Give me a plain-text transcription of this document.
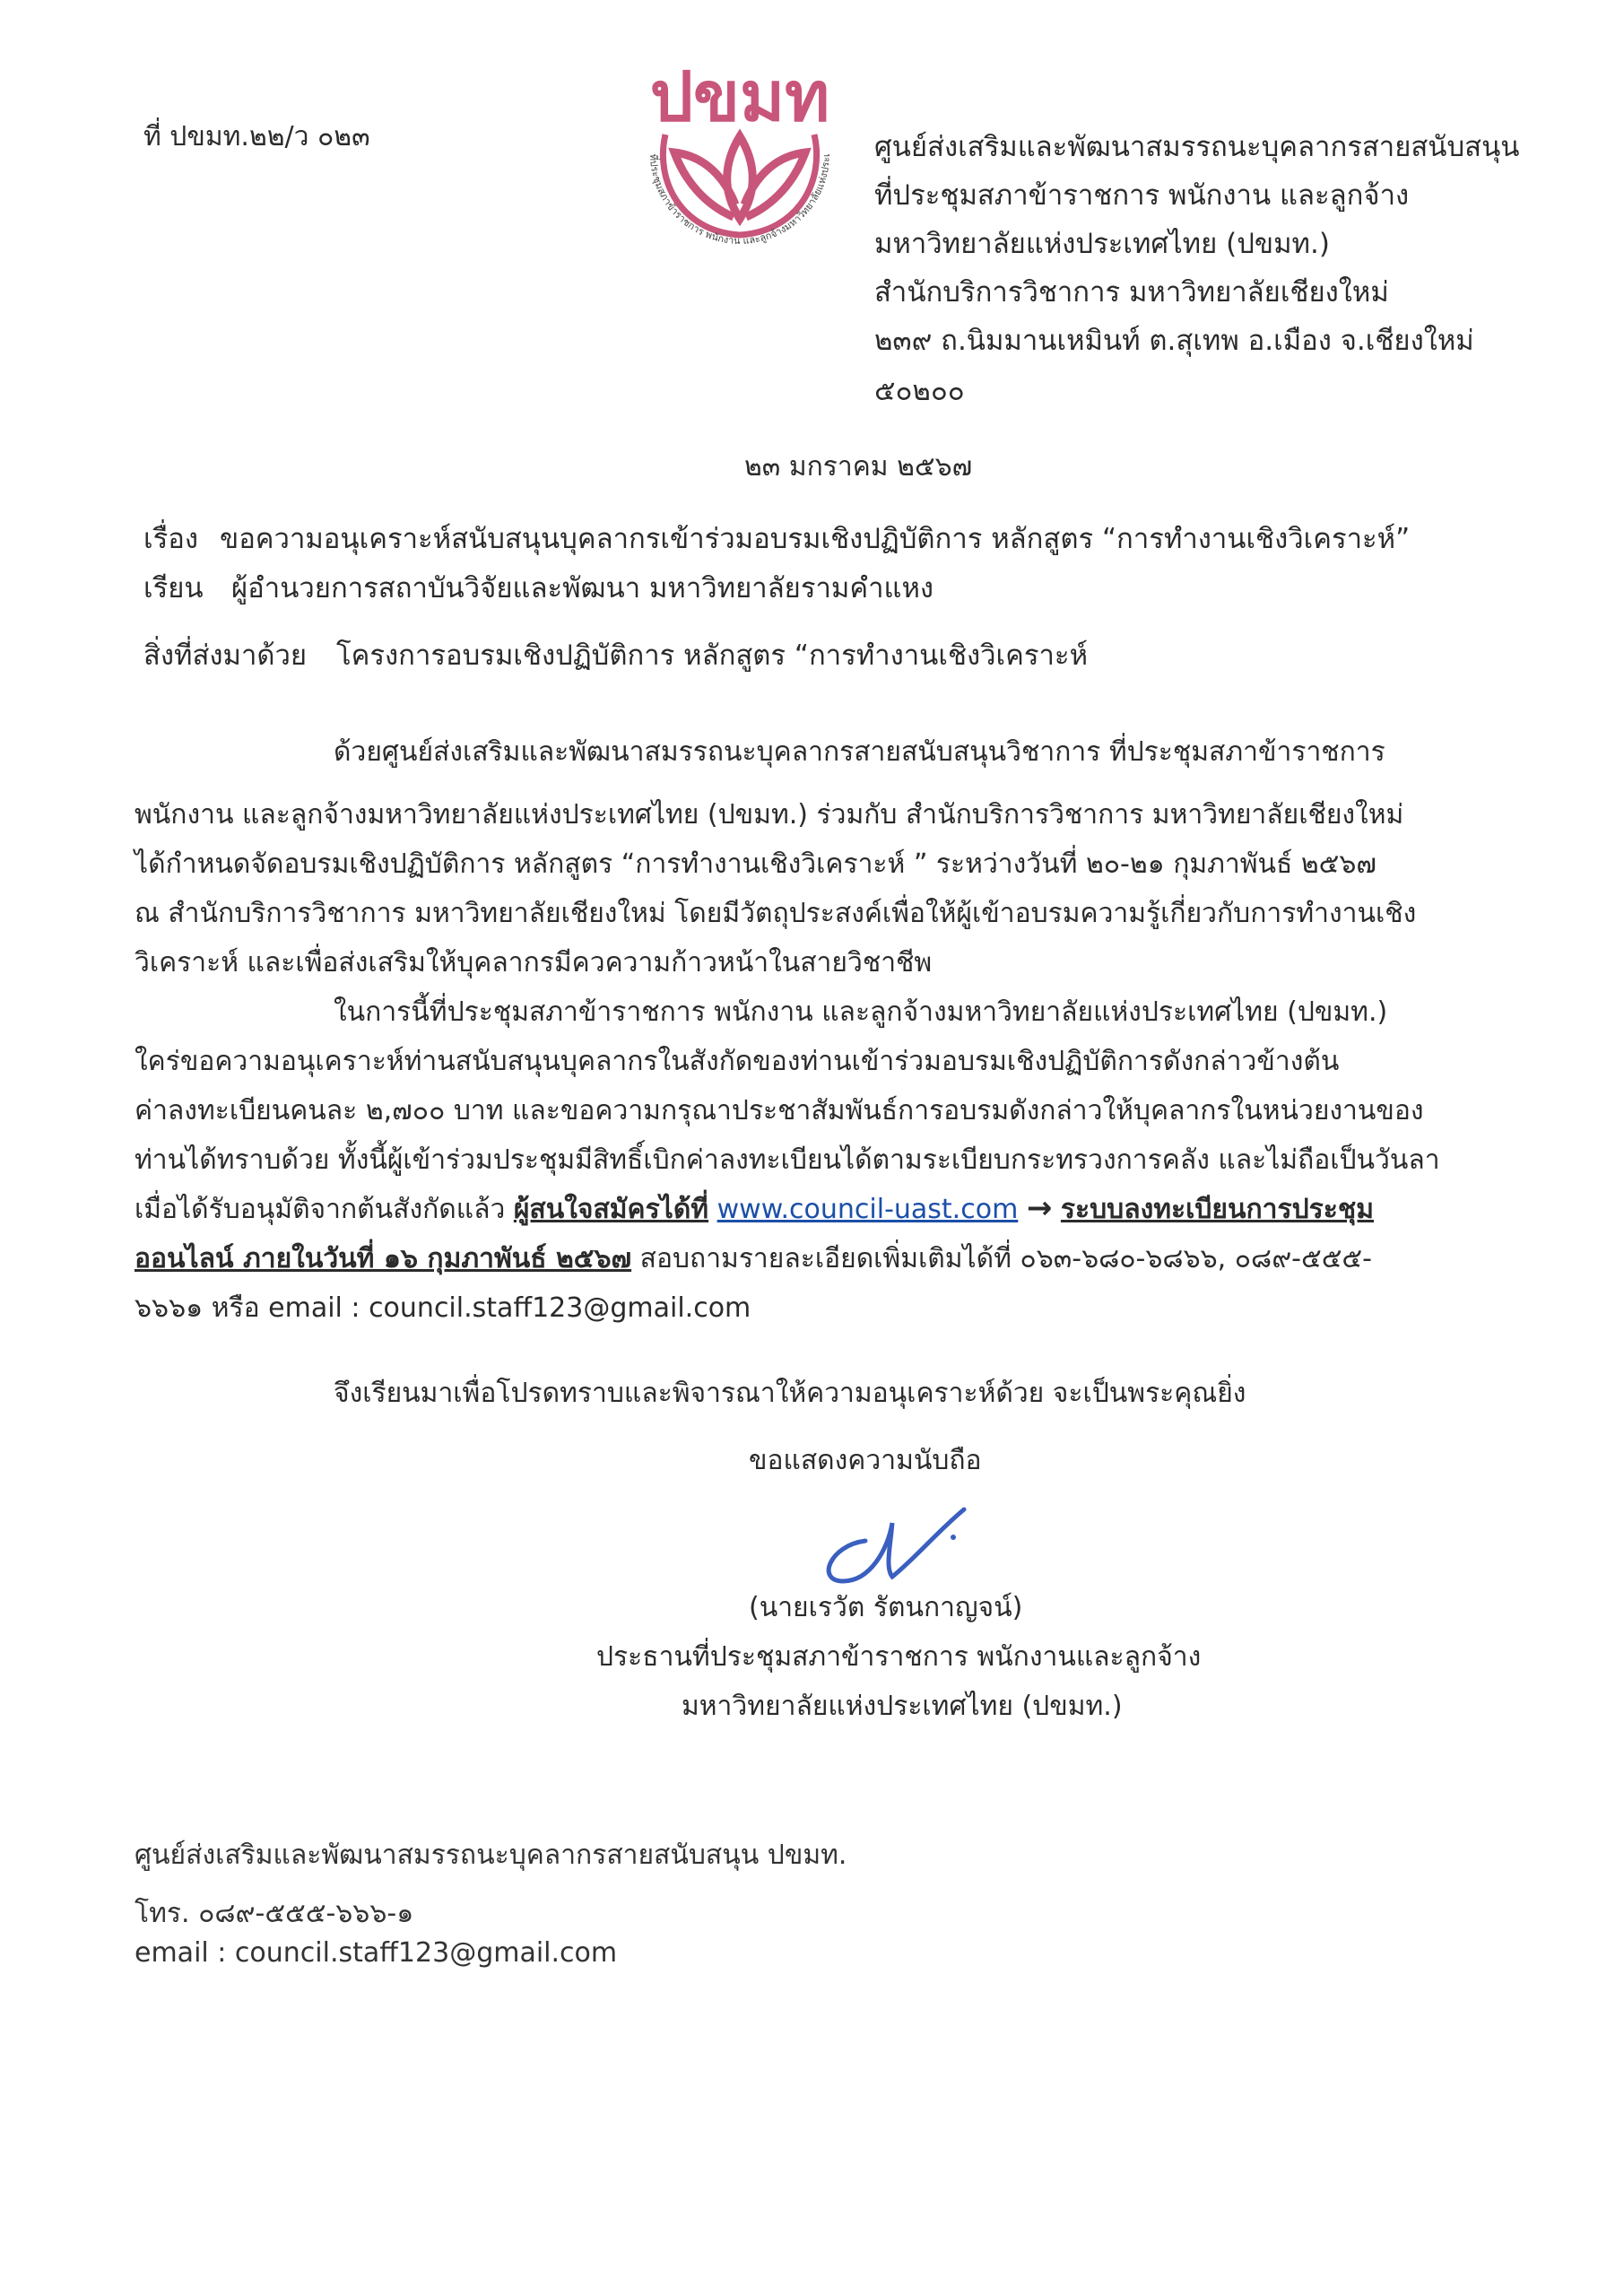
ที่ ปขมท.๒๒/ว ๐๒๓
ปขมท
ที่ประชุมสภาข้าราชการ พนักงาน และลูกจ้างมหาวิทยาลัยแห่งประเ ศูนย์ส่งเสริมและพัฒนาสมรรถนะบุคลากรสายสนับสนุน
ที่ประชุมสภาข้าราชการ พนักงาน และลูกจ้าง
มหาวิทยาลัยแห่งประเทศไทย (ปขมท.)
สำนักบริการวิชาการ มหาวิทยาลัยเชียงใหม่
๒๓๙ ถ.นิมมานเหมินท์ ต.สุเทพ อ.เมือง จ.เชียงใหม่
๕๐๒๐๐
๒๓ มกราคม ๒๕๖๗
เรื่อง ขอความอนุเคราะห์สนับสนุนบุคลากรเข้าร่วมอบรมเชิงปฏิบัติการ หลักสูตร “การทำงานเชิงวิเคราะห์”
เรียน ผู้อำนวยการสถาบันวิจัยและพัฒนา มหาวิทยาลัยรามคำแหง
สิ่งที่ส่งมาด้วย โครงการอบรมเชิงปฏิบัติการ หลักสูตร “การทำงานเชิงวิเคราะห์
ด้วยศูนย์ส่งเสริมและพัฒนาสมรรถนะบุคลากรสายสนับสนุนวิชาการ ที่ประชุมสภาข้าราชการ
พนักงาน และลูกจ้างมหาวิทยาลัยแห่งประเทศไทย (ปขมท.) ร่วมกับ สำนักบริการวิชาการ มหาวิทยาลัยเชียงใหม่
ได้กำหนดจัดอบรมเชิงปฏิบัติการ หลักสูตร “การทำงานเชิงวิเคราะห์ ” ระหว่างวันที่ ๒๐-๒๑ กุมภาพันธ์ ๒๕๖๗
ณ สำนักบริการวิชาการ มหาวิทยาลัยเชียงใหม่ โดยมีวัตถุประสงค์เพื่อให้ผู้เข้าอบรมความรู้เกี่ยวกับการทำงานเชิง
วิเคราะห์ และเพื่อส่งเสริมให้บุคลากรมีควความก้าวหน้าในสายวิชาชีพ
ในการนี้ที่ประชุมสภาข้าราชการ พนักงาน และลูกจ้างมหาวิทยาลัยแห่งประเทศไทย (ปขมท.)
ใคร่ขอความอนุเคราะห์ท่านสนับสนุนบุคลากรในสังกัดของท่านเข้าร่วมอบรมเชิงปฏิบัติการดังกล่าวข้างต้น
ค่าลงทะเบียนคนละ ๒,๗๐๐ บาท และขอความกรุณาประชาสัมพันธ์การอบรมดังกล่าวให้บุคลากรในหน่วยงานของ
ท่านได้ทราบด้วย ทั้งนี้ผู้เข้าร่วมประชุมมีสิทธิ์เบิกค่าลงทะเบียนได้ตามระเบียบกระทรวงการคลัง และไม่ถือเป็นวันลา
เมื่อได้รับอนุมัติจากต้นสังกัดแล้ว ผู้สนใจสมัครได้ที่ www.council-uast.com → ระบบลงทะเบียนการประชุม
ออนไลน์ ภายในวันที่ ๑๖ กุมภาพันธ์ ๒๕๖๗ สอบถามรายละเอียดเพิ่มเติมได้ที่ ๐๖๓-๖๘๐-๖๘๖๖, ๐๘๙-๕๕๕-
๖๖๖๑ หรือ email : council.staff123@gmail.com
จึงเรียนมาเพื่อโปรดทราบและพิจารณาให้ความอนุเคราะห์ด้วย จะเป็นพระคุณยิ่ง
ขอแสดงความนับถือ
(นายเรวัต รัตนกาญจน์)
ประธานที่ประชุมสภาข้าราชการ พนักงานและลูกจ้าง
มหาวิทยาลัยแห่งประเทศไทย (ปขมท.)
ศูนย์ส่งเสริมและพัฒนาสมรรถนะบุคลากรสายสนับสนุน ปขมท.
โทร. ๐๘๙-๕๕๕-๖๖๖-๑
email : council.staff123@gmail.com
